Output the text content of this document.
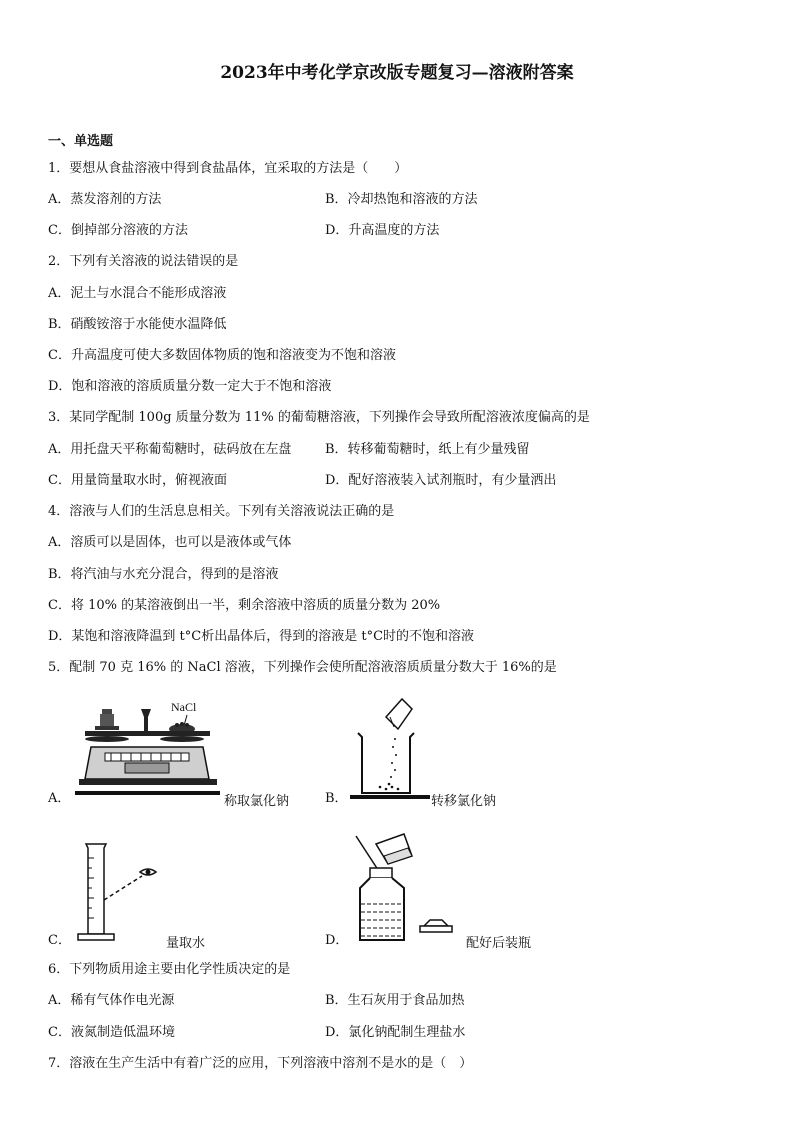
2023年中考化学京改版专题复习—溶液附答案
一、单选题
1．要想从食盐溶液中得到食盐晶体，宜采取的方法是（　　）
A．蒸发溶剂的方法	B．冷却热饱和溶液的方法
C．倒掉部分溶液的方法	D．升高温度的方法
2．下列有关溶液的说法错误的是
A．泥土与水混合不能形成溶液
B．硝酸铵溶于水能使水温降低
C．升高温度可使大多数固体物质的饱和溶液变为不饱和溶液
D．饱和溶液的溶质质量分数一定大于不饱和溶液
3．某同学配制 100g 质量分数为 11% 的葡萄糖溶液，下列操作会导致所配溶液浓度偏高的是
A．用托盘天平称葡萄糖时，砝码放在左盘	B．转移葡萄糖时，纸上有少量残留
C．用量筒量取水时，俯视液面	D．配好溶液装入试剂瓶时，有少量洒出
4．溶液与人们的生活息息相关。下列有关溶液说法正确的是
A．溶质可以是固体，也可以是液体或气体
B．将汽油与水充分混合，得到的是溶液
C．将 10% 的某溶液倒出一半，剩余溶液中溶质的质量分数为 20%
D．某饱和溶液降温到 t°C析出晶体后，得到的溶液是 t°C时的不饱和溶液
5．配制 70 克 16% 的 NaCl 溶液，下列操作会使所配溶液溶质质量分数大于 16%的是
A．
NaCl
称取氯化钠	B．	转移氯化钠
C．	量取水	D．	配好后装瓶
6．下列物质用途主要由化学性质决定的是
A．稀有气体作电光源	B．生石灰用于食品加热
C．液氮制造低温环境	D．氯化钠配制生理盐水
7．溶液在生产生活中有着广泛的应用，下列溶液中溶剂不是水的是（　）
